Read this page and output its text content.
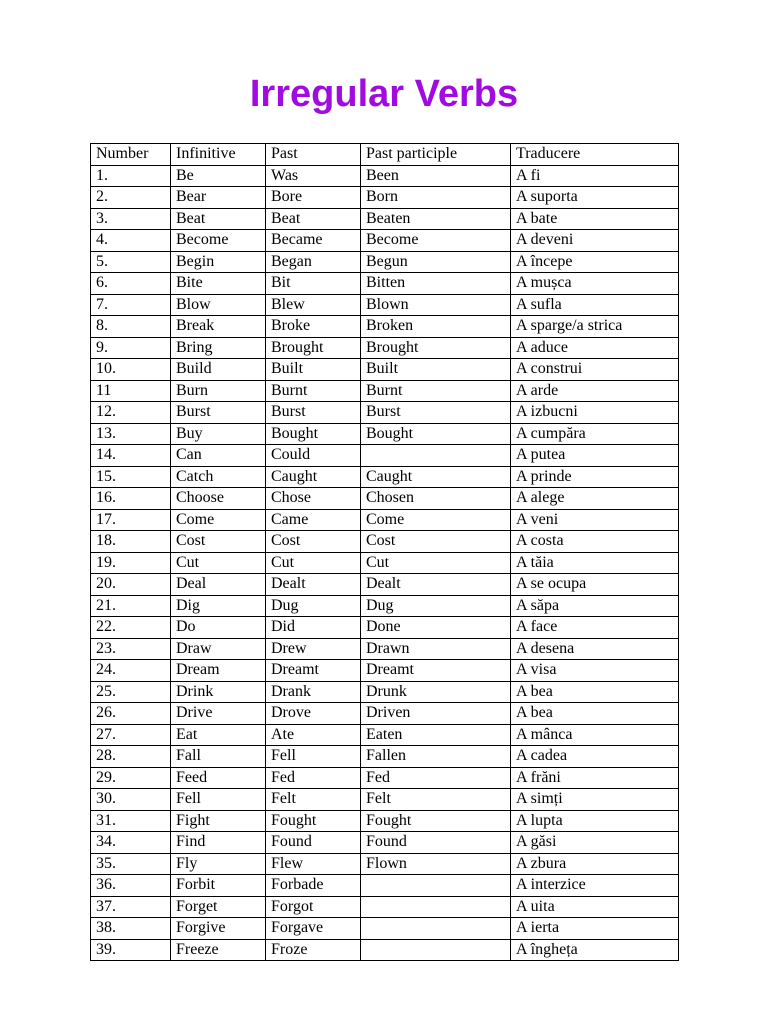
Irregular Verbs
Number	Infinitive	Past	Past participle	Traducere
1.	Be	Was	Been	A fi
2.	Bear	Bore	Born	A suporta
3.	Beat	Beat	Beaten	A bate
4.	Become	Became	Become	A deveni
5.	Begin	Began	Begun	A începe
6.	Bite	Bit	Bitten	A mușca
7.	Blow	Blew	Blown	A sufla
8.	Break	Broke	Broken	A sparge/a strica
9.	Bring	Brought	Brought	A aduce
10.	Build	Built	Built	A construi
11	Burn	Burnt	Burnt	A arde
12.	Burst	Burst	Burst	A izbucni
13.	Buy	Bought	Bought	A cumpăra
14.	Can	Could		A putea
15.	Catch	Caught	Caught	A prinde
16.	Choose	Chose	Chosen	A alege
17.	Come	Came	Come	A veni
18.	Cost	Cost	Cost	A costa
19.	Cut	Cut	Cut	A tăia
20.	Deal	Dealt	Dealt	A se ocupa
21.	Dig	Dug	Dug	A săpa
22.	Do	Did	Done	A face
23.	Draw	Drew	Drawn	A desena
24.	Dream	Dreamt	Dreamt	A visa
25.	Drink	Drank	Drunk	A bea
26.	Drive	Drove	Driven	A bea
27.	Eat	Ate	Eaten	A mânca
28.	Fall	Fell	Fallen	A cadea
29.	Feed	Fed	Fed	A frăni
30.	Fell	Felt	Felt	A simți
31.	Fight	Fought	Fought	A lupta
34.	Find	Found	Found	A găsi
35.	Fly	Flew	Flown	A zbura
36.	Forbit	Forbade		A interzice
37.	Forget	Forgot		A uita
38.	Forgive	Forgave		A ierta
39.	Freeze	Froze		A îngheța
